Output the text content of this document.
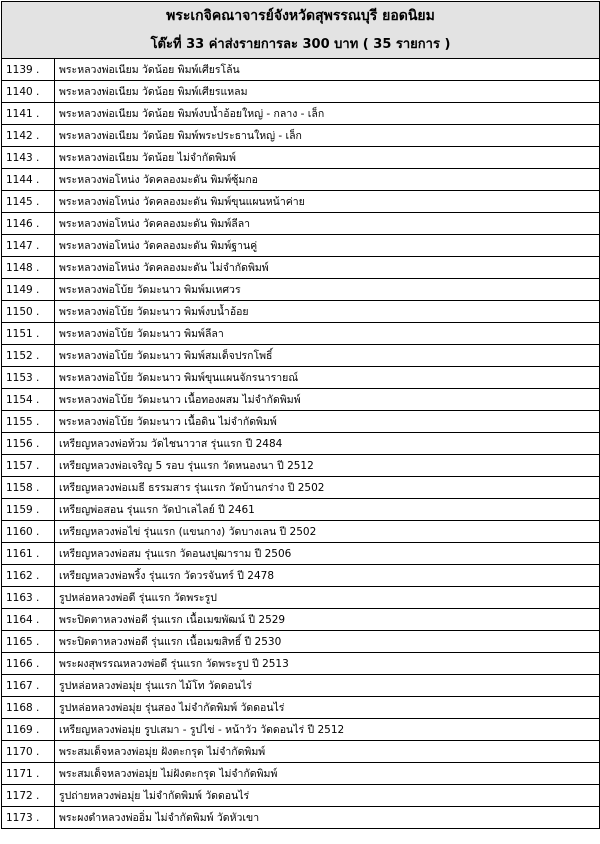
พระเกจิคณาจารย์จังหวัดสุพรรณบุรี ยอดนิยม
โต๊ะที่ 33 ค่าส่งรายการละ 300 บาท ( 35 รายการ )
1139 .	พระหลวงพ่อเนียม วัดน้อย พิมพ์เศียรโล้น
1140 .	พระหลวงพ่อเนียม วัดน้อย พิมพ์เศียรแหลม
1141 .	พระหลวงพ่อเนียม วัดน้อย พิมพ์งบน้ำอ้อยใหญ่ - กลาง - เล็ก
1142 .	พระหลวงพ่อเนียม วัดน้อย พิมพ์พระประธานใหญ่ - เล็ก
1143 .	พระหลวงพ่อเนียม วัดน้อย ไม่จำกัดพิมพ์
1144 .	พระหลวงพ่อโหน่ง วัดคลองมะดัน พิมพ์ซุ้มกอ
1145 .	พระหลวงพ่อโหน่ง วัดคลองมะดัน พิมพ์ขุนแผนหน้าค่าย
1146 .	พระหลวงพ่อโหน่ง วัดคลองมะดัน พิมพ์ลีลา
1147 .	พระหลวงพ่อโหน่ง วัดคลองมะดัน พิมพ์ฐานคู่
1148 .	พระหลวงพ่อโหน่ง วัดคลองมะดัน ไม่จำกัดพิมพ์
1149 .	พระหลวงพ่อโบ้ย วัดมะนาว พิมพ์มเหศวร
1150 .	พระหลวงพ่อโบ้ย วัดมะนาว พิมพ์งบน้ำอ้อย
1151 .	พระหลวงพ่อโบ้ย วัดมะนาว พิมพ์ลีลา
1152 .	พระหลวงพ่อโบ้ย วัดมะนาว พิมพ์สมเด็จปรกโพธิ์
1153 .	พระหลวงพ่อโบ้ย วัดมะนาว พิมพ์ขุนแผนจักรนารายณ์
1154 .	พระหลวงพ่อโบ้ย วัดมะนาว เนื้อทองผสม ไม่จำกัดพิมพ์
1155 .	พระหลวงพ่อโบ้ย วัดมะนาว เนื้อดิน ไม่จำกัดพิมพ์
1156 .	เหรียญหลวงพ่อท้วม วัดไชนาวาส รุ่นแรก ปี 2484
1157 .	เหรียญหลวงพ่อเจริญ 5 รอบ รุ่นแรก วัดหนองนา ปี 2512
1158 .	เหรียญหลวงพ่อเมธี ธรรมสาร รุ่นแรก วัดบ้านกร่าง ปี 2502
1159 .	เหรียญพ่อสอน รุ่นแรก วัดป่าเลไลย์ ปี 2461
1160 .	เหรียญหลวงพ่อไข่ รุ่นแรก (แขนกาง) วัดบางเลน ปี 2502
1161 .	เหรียญหลวงพ่อสม รุ่นแรก วัดอนงปุฒาราม ปี 2506
1162 .	เหรียญหลวงพ่อพริ้ง รุ่นแรก วัดวรจันทร์ ปี 2478
1163 .	รูปหล่อหลวงพ่อดี รุ่นแรก วัดพระรูป
1164 .	พระปิดตาหลวงพ่อดี รุ่นแรก เนื้อเมฆพัฒน์ ปี 2529
1165 .	พระปิดตาหลวงพ่อดี รุ่นแรก เนื้อเมฆสิทธิ์ ปี 2530
1166 .	พระผงสุพรรณหลวงพ่อดี รุ่นแรก วัดพระรูป ปี 2513
1167 .	รูปหล่อหลวงพ่อมุ่ย รุ่นแรก ไม้โท วัดดอนไร่
1168 .	รูปหล่อหลวงพ่อมุ่ย รุ่นสอง ไม่จำกัดพิมพ์ วัดดอนไร่
1169 .	เหรียญหลวงพ่อมุ่ย รูปเสมา - รูปไข่ - หน้าวัว วัดดอนไร่ ปี 2512
1170 .	พระสมเด็จหลวงพ่อมุ่ย ฝังตะกรุด ไม่จำกัดพิมพ์
1171 .	พระสมเด็จหลวงพ่อมุ่ย ไม่ฝังตะกรุด ไม่จำกัดพิมพ์
1172 .	รูปถ่ายหลวงพ่อมุ่ย ไม่จำกัดพิมพ์ วัดดอนไร่
1173 .	พระผงดำหลวงพ่ออิ่ม ไม่จำกัดพิมพ์ วัดหัวเขา
